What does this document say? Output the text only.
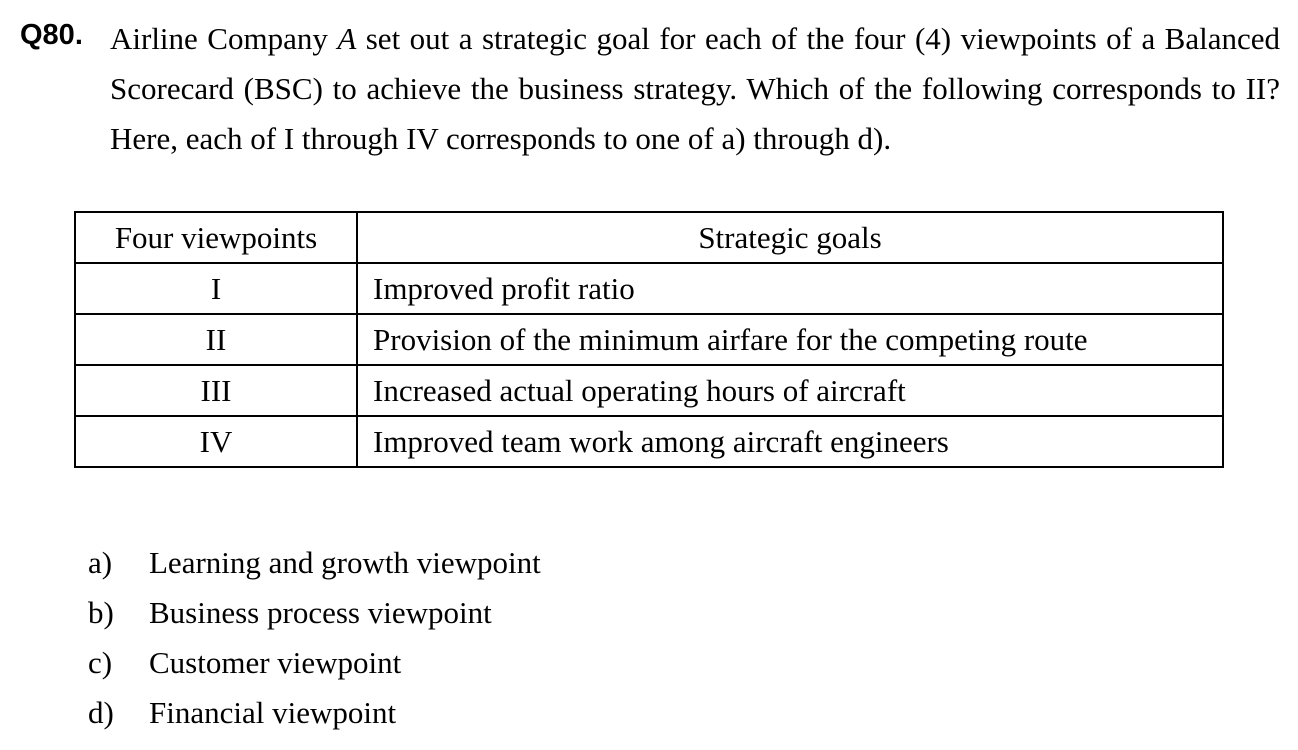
Q80. Airline Company A set out a strategic goal for each of the four (4) viewpoints of a Balanced Scorecard (BSC) to achieve the business strategy. Which of the following corresponds to II? Here, each of I through IV corresponds to one of a) through d).
Four viewpoints	Strategic goals
I	Improved profit ratio
II	Provision of the minimum airfare for the competing route
III	Increased actual operating hours of aircraft
IV	Improved team work among aircraft engineers
a) Learning and growth viewpoint
b) Business process viewpoint
c) Customer viewpoint
d) Financial viewpoint
